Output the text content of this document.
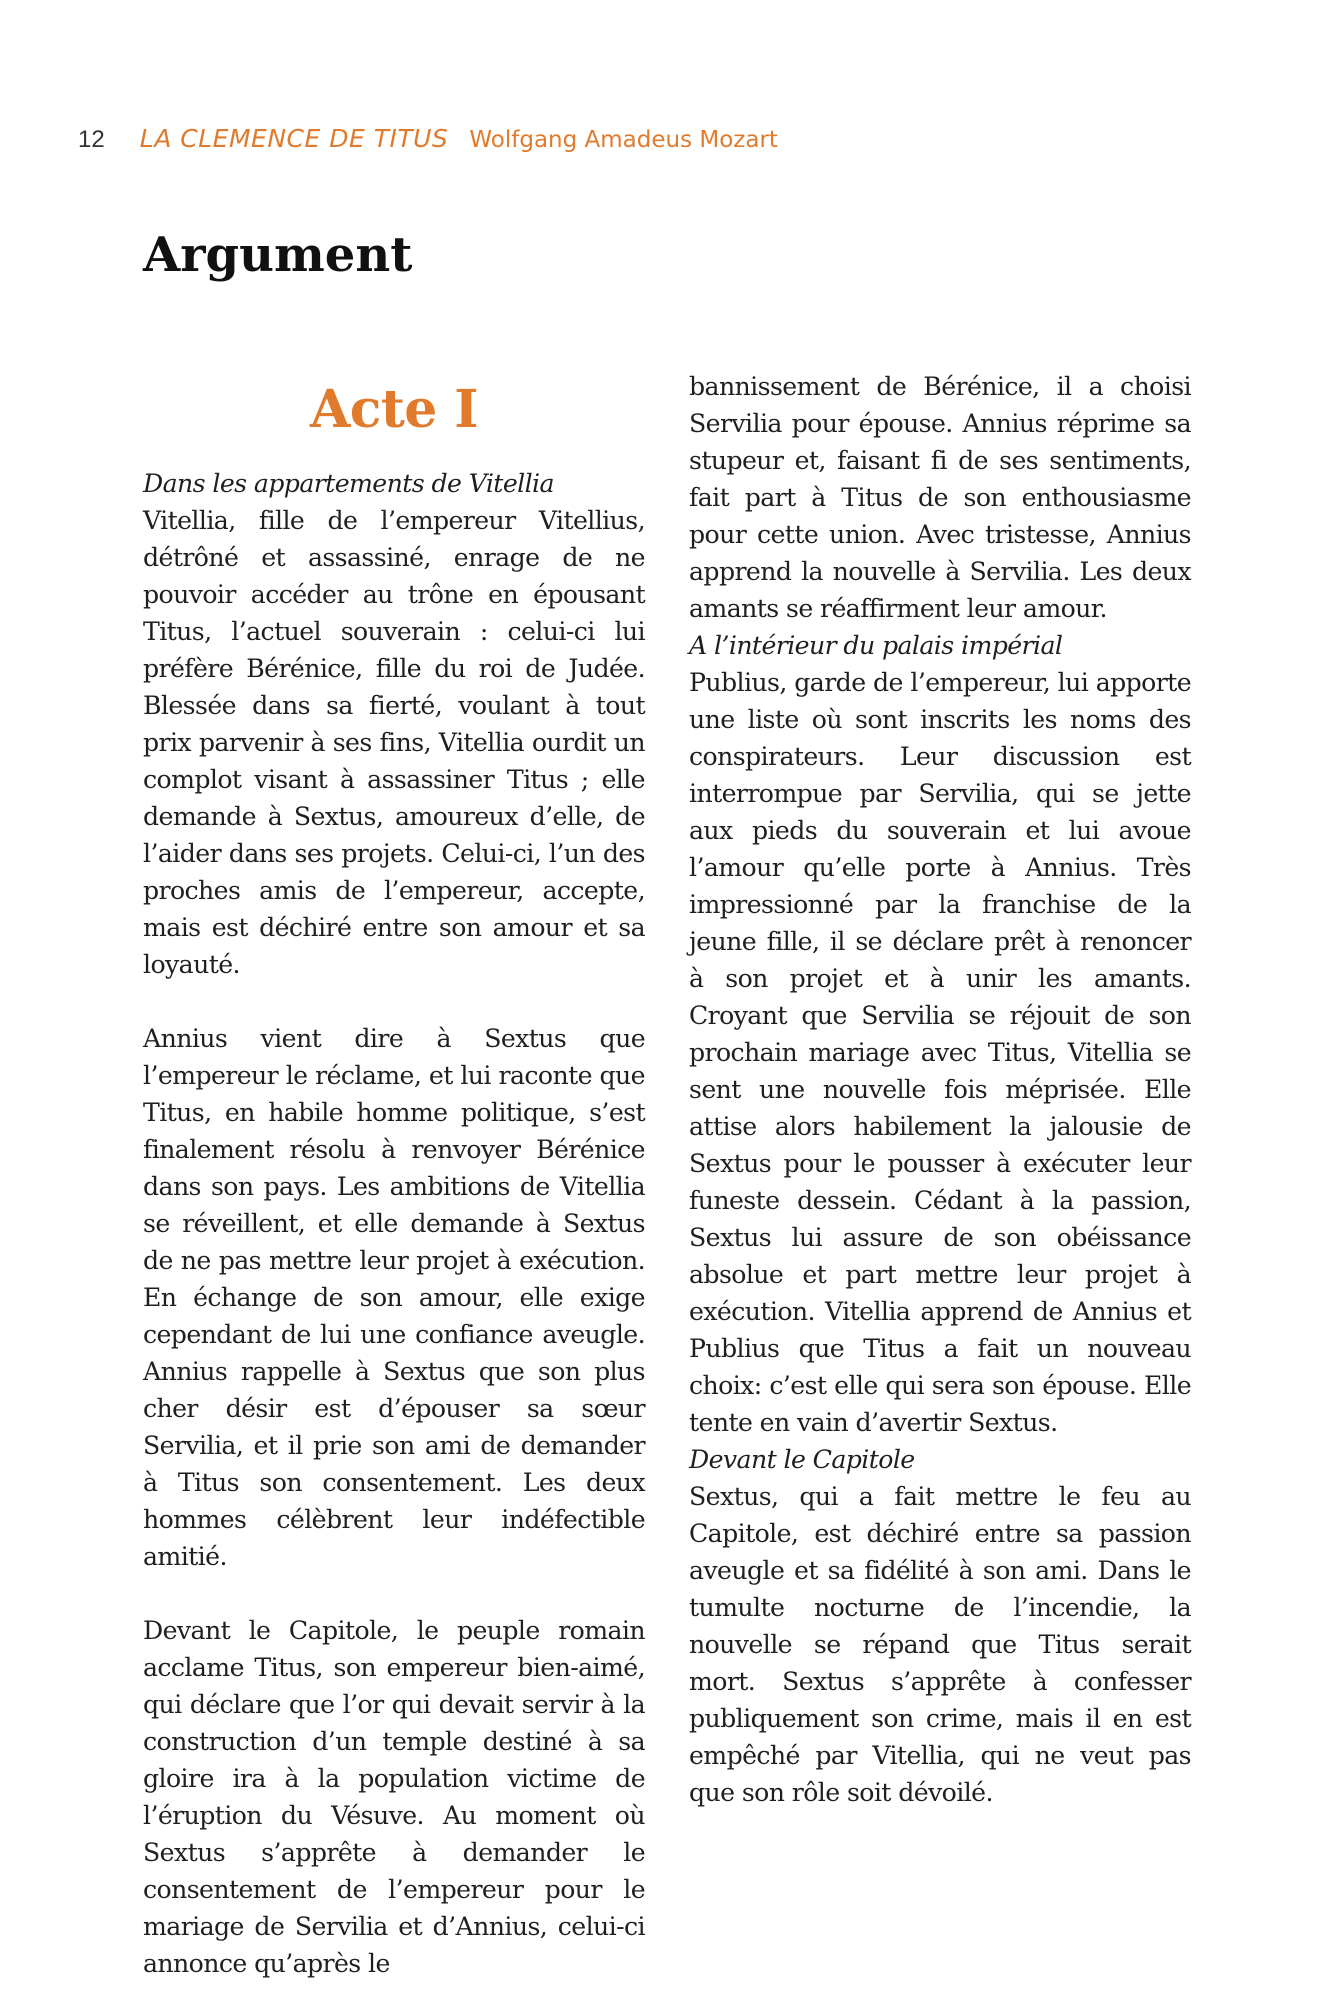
12 LA CLEMENCE DE TITUS Wolfgang Amadeus Mozart
Argument
Acte I

Dans les appartements de Vitellia

Vitellia, fille de l’empereur Vitellius, détrôné et assassiné, enrage de ne pouvoir accéder au trône en épousant Titus, l’actuel souverain : celui-ci lui préfère Bérénice, fille du roi de Judée. Blessée dans sa fierté, voulant à tout prix parvenir à ses fins, Vitellia ourdit un complot visant à assassiner Titus ; elle demande à Sextus, amoureux d’elle, de l’aider dans ses projets. Celui-ci, l’un des proches amis de l’empereur, accepte, mais est déchiré entre son amour et sa loyauté.

Annius vient dire à Sextus que l’empereur le réclame, et lui raconte que Titus, en habile homme politique, s’est finalement résolu à renvoyer Bérénice dans son pays. Les ambitions de Vitellia se réveillent, et elle demande à Sextus de ne pas mettre leur projet à exécution. En échange de son amour, elle exige cependant de lui une confiance aveugle. Annius rappelle à Sextus que son plus cher désir est d’épouser sa sœur Servilia, et il prie son ami de demander à Titus son consentement. Les deux hommes célèbrent leur indéfectible amitié.

Devant le Capitole, le peuple romain acclame Titus, son empereur bien-aimé, qui déclare que l’or qui devait servir à la construction d’un temple destiné à sa gloire ira à la population victime de l’éruption du Vésuve. Au moment où Sextus s’apprête à demander le consentement de l’empereur pour le mariage de Servilia et d’Annius, celui-ci annonce qu’après le

bannissement de Bérénice, il a choisi Servilia pour épouse. Annius réprime sa stupeur et, faisant fi de ses sentiments, fait part à Titus de son enthousiasme pour cette union. Avec tristesse, Annius apprend la nouvelle à Servilia. Les deux amants se réaffirment leur amour.

A l’intérieur du palais impérial

Publius, garde de l’empereur, lui apporte une liste où sont inscrits les noms des conspirateurs. Leur discussion est interrompue par Servilia, qui se jette aux pieds du souverain et lui avoue l’amour qu’elle porte à Annius. Très impressionné par la franchise de la jeune fille, il se déclare prêt à renoncer à son projet et à unir les amants. Croyant que Servilia se réjouit de son prochain mariage avec Titus, Vitellia se sent une nouvelle fois méprisée. Elle attise alors habilement la jalousie de Sextus pour le pousser à exécuter leur funeste dessein. Cédant à la passion, Sextus lui assure de son obéissance absolue et part mettre leur projet à exécution. Vitellia apprend de Annius et Publius que Titus a fait un nouveau choix: c’est elle qui sera son épouse. Elle tente en vain d’avertir Sextus.

Devant le Capitole

Sextus, qui a fait mettre le feu au Capitole, est déchiré entre sa passion aveugle et sa fidélité à son ami. Dans le tumulte nocturne de l’incendie, la nouvelle se répand que Titus serait mort. Sextus s’apprête à confesser publiquement son crime, mais il en est empêché par Vitellia, qui ne veut pas que son rôle soit dévoilé.
